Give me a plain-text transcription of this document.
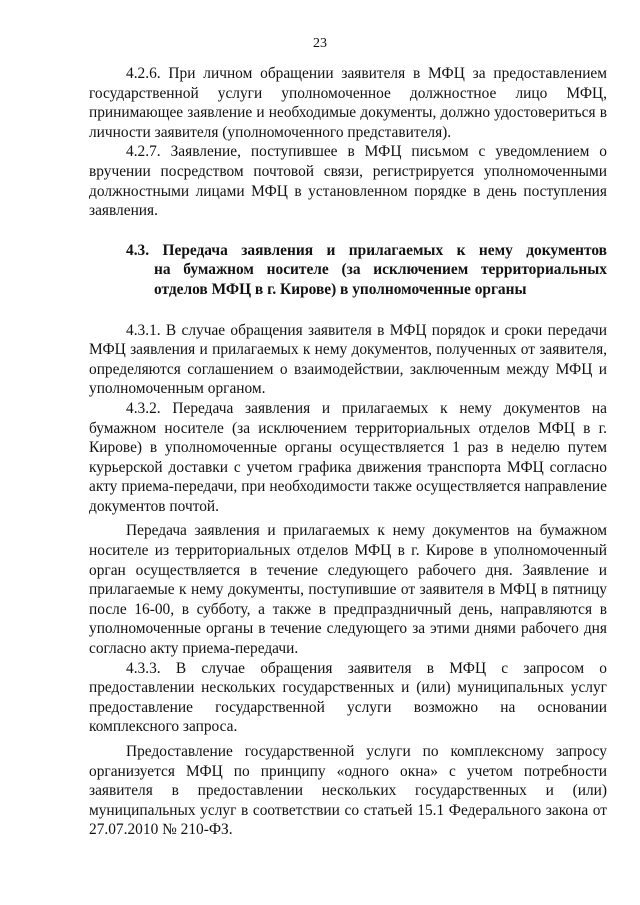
23

4.2.6. При личном обращении заявителя в МФЦ за предоставлением государственной услуги уполномоченное должностное лицо МФЦ, принимающее заявление и необходимые документы, должно удостовериться в личности заявителя (уполномоченного представителя).

4.2.7. Заявление, поступившее в МФЦ письмом с уведомлением о вручении посредством почтовой связи, регистрируется уполномоченными должностными лицами МФЦ в установленном порядке в день поступления заявления.

4.3. Передача заявления и прилагаемых к нему документов
на бумажном носителе (за исключением территориальных
отделов МФЦ в г. Кирове) в уполномоченные органы

4.3.1. В случае обращения заявителя в МФЦ порядок и сроки передачи МФЦ заявления и прилагаемых к нему документов, полученных от заявителя, определяются соглашением о взаимодействии, заключенным между МФЦ и уполномоченным органом.

4.3.2. Передача заявления и прилагаемых к нему документов на бумажном носителе (за исключением территориальных отделов МФЦ в г. Кирове) в уполномоченные органы осуществляется 1 раз в неделю путем курьерской доставки с учетом графика движения транспорта МФЦ согласно акту приема-передачи, при необходимости также осуществляется направление документов почтой.

Передача заявления и прилагаемых к нему документов на бумажном носителе из территориальных отделов МФЦ в г. Кирове в уполномоченный орган осуществляется в течение следующего рабочего дня. Заявление и прилагаемые к нему документы, поступившие от заявителя в МФЦ в пятницу после 16-00, в субботу, а также в предпраздничный день, направляются в уполномоченные органы в течение следующего за этими днями рабочего дня согласно акту приема-передачи.

4.3.3. В случае обращения заявителя в МФЦ с запросом о предоставлении нескольких государственных и (или) муниципальных услуг предоставление государственной услуги возможно на основании комплексного запроса.

Предоставление государственной услуги по комплексному запросу организуется МФЦ по принципу «одного окна» с учетом потребности заявителя в предоставлении нескольких государственных и (или) муниципальных услуг в соответствии со статьей 15.1 Федерального закона от 27.07.2010 № 210-ФЗ.
